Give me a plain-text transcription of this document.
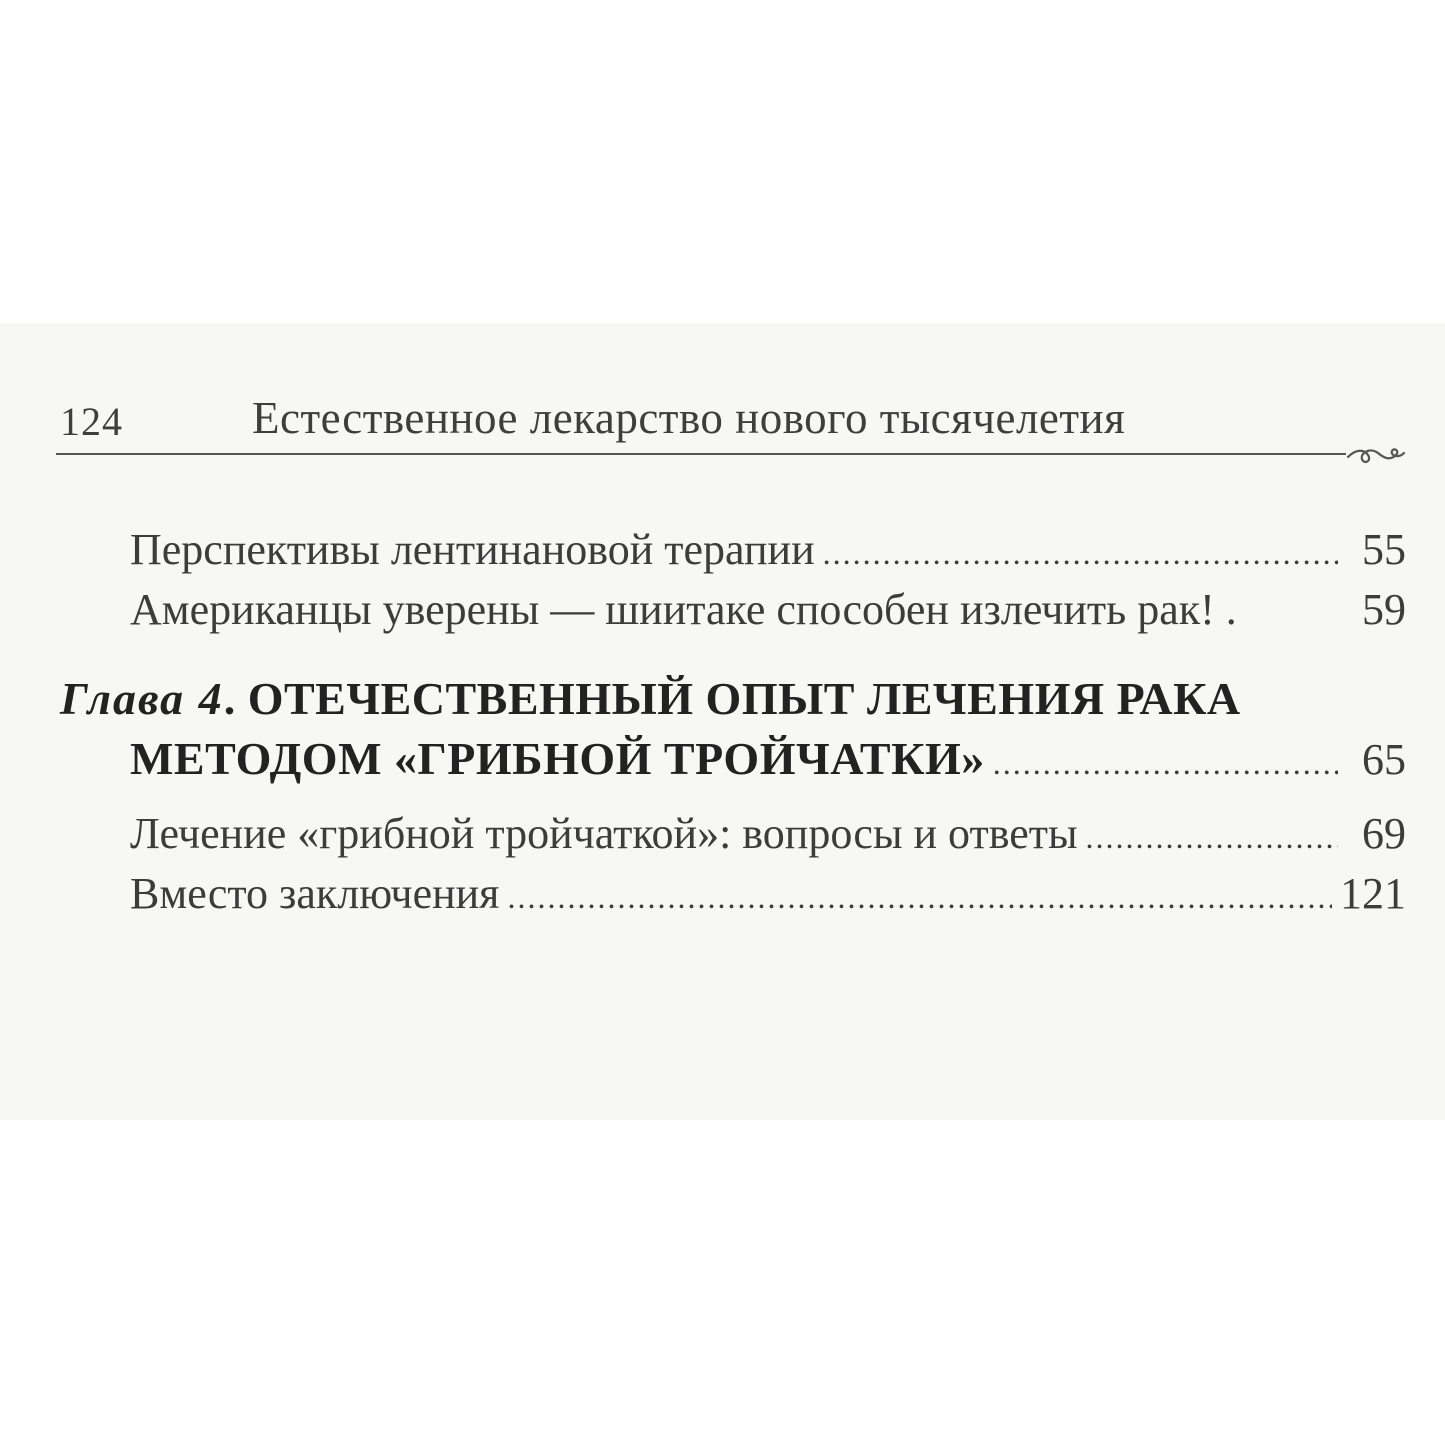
124	Естественное лекарство нового тысячелетия
Перспективы лентинановой терапии .....	55
Американцы уверены — шиитаке способен излечить рак! .	59
Глава 4. ОТЕЧЕСТВЕННЫЙ ОПЫТ ЛЕЧЕНИЯ РАКА
МЕТОДОМ «ГРИБНОЙ ТРОЙЧАТКИ» .....	65
Лечение «грибной тройчаткой»: вопросы и ответы .....	69
Вместо заключения .....	121
